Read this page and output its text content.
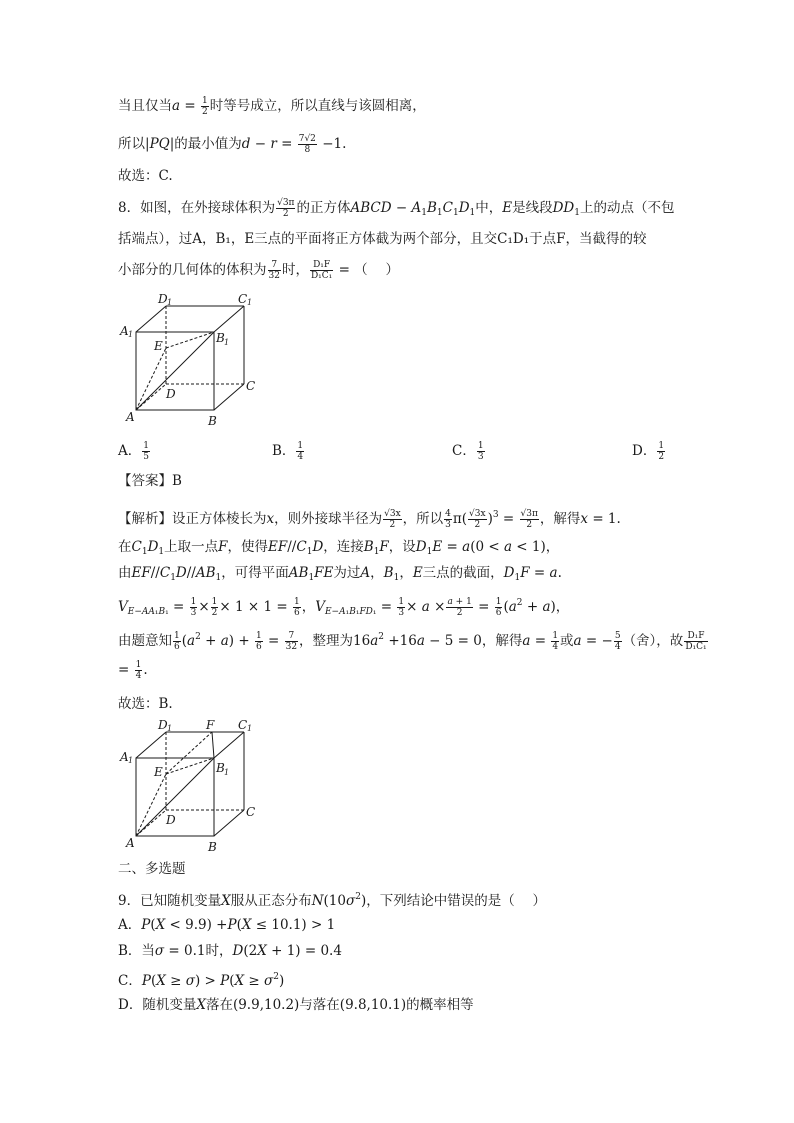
当且仅当$a = \frac{1}{2}$ 时等号成立，所以直线与该圆相离，
所以|PQ|的最小值为$d - r = \frac{7√2}{8} -1$.
故选：C.
8．如图，在外接球体积为 $\frac{√3\pi}{2}$ 的正方体ABCD − $A_1B_1C_1D_1$中，E是线段$DD_1$上的动点（不包
括端点），过A，B₁，E三点的平面将正方体截为两个部分，且交C₁D₁于点F，当截得的较
小部分的几何体的体积为 $\frac{7}{32}$ 时， $\frac{\text{D₁F}}{\text{D₁C₁}}$ = （　 ）
D 1	C 1
A 1
E
B 1
C
D
A	B
A． $\frac{1}{5}$	B． $\frac{1}{4}$	C． $\frac{1}{3}$	D． $\frac{1}{2}$
【答案】B
【解析】设正方体棱长为x，则外接球半径为 $\frac{√3x}{2}$ ，所以 $\frac{4}{3} \pi( \frac{√3x}{2} )^3 = \frac{√3\pi}{2}$ ，解得x = 1.
在$C_1D_1$上取一点F，使得$EF//C_1D$，连接$B_1F$，设$D_1E = a(0 < a < 1)$，
由$EF//C_1D//AB_1$，可得平面$AB_1FE$为过A，$B_1$，E三点的截面，$D_1F = a$.
$V_{E-AA_1B_1} = \frac{1}{3} \times \frac{1}{2} \times 1 \times 1 = \frac{1}{6}$ ，$V_{E-A_1B_1FD_1} = \frac{1}{3} \times a \times \frac{a + 1}{2} = \frac{1}{6} (a^2 + a)$，
由题意知 $\frac{1}{6} (a^2 + a) + \frac{1}{6} = \frac{7}{32}$ ，整理为$16a^2 +16a - 5 = 0$，解得$a = \frac{1}{4}$ 或a = − $\frac{5}{4}$ （舍），故 $\frac{\text{D₁F}}{\text{D₁C₁}}$
= $\frac{1}{4}$ .
故选：B.
D 1	F C 1
A 1
E	B 1
C
D
A	B
二、多选题
9．已知随机变量X服从正态分布$N(10\sigma^2)$，下列结论中错误的是（　 ）
A．P(X < 9.9) +P(X ≤ 10.1) > 1
B．当σ = 0.1时，D(2X + 1) = 0.4
C．$P(X \ge \sigma) > P(X \ge \sigma^2)$
D．随机变量X落在(9.9,10.2)与落在(9.8,10.1)的概率相等
